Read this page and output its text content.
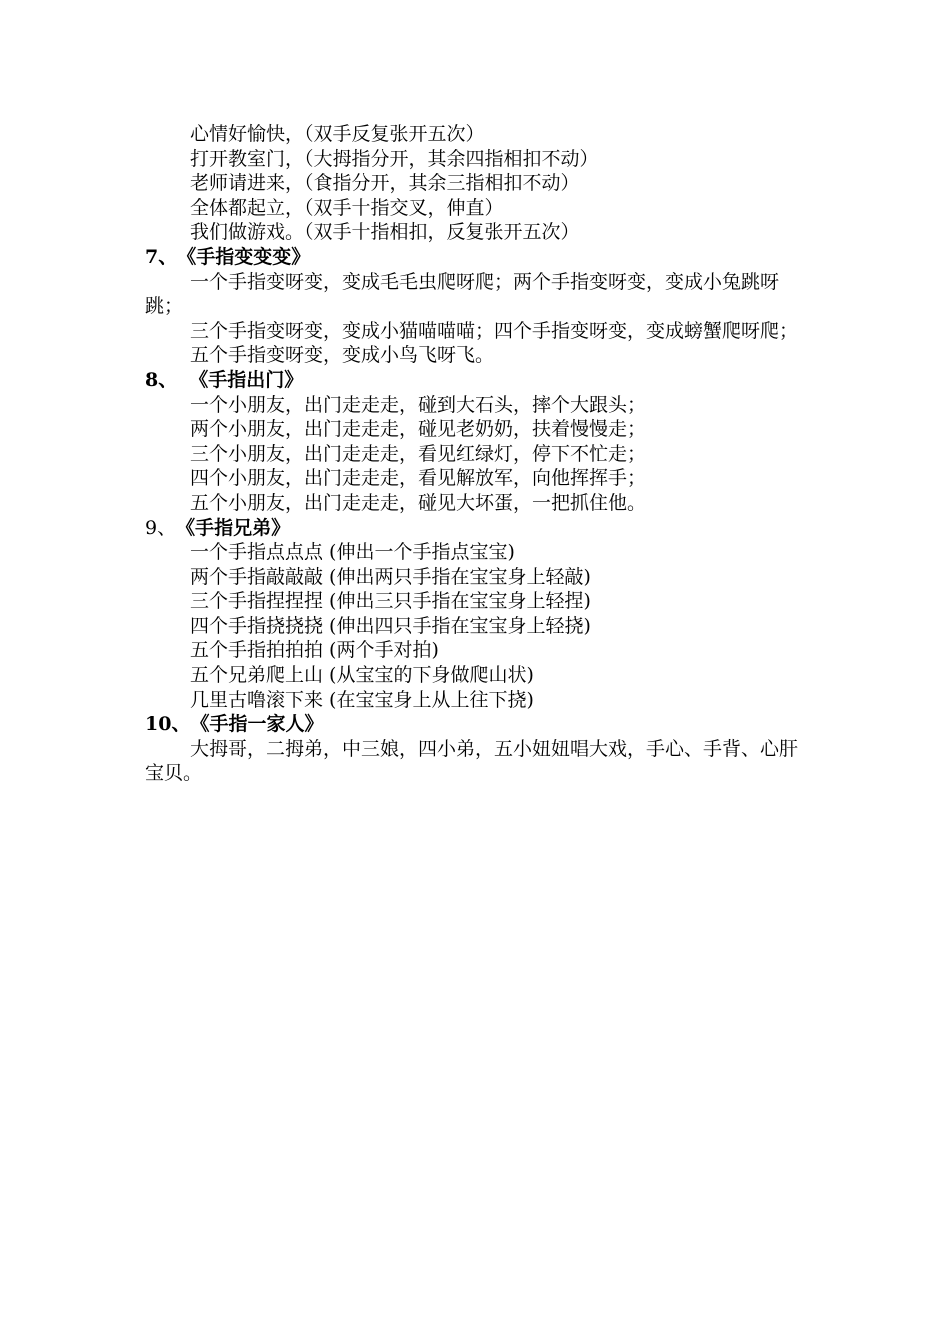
心情好愉快，（双手反复张开五次）
打开教室门，（大拇指分开，其余四指相扣不动）
老师请进来，（食指分开，其余三指相扣不动）
全体都起立，（双手十指交叉，伸直）
我们做游戏。（双手十指相扣，反复张开五次）
7、《手指变变变》
一个手指变呀变，变成毛毛虫爬呀爬；两个手指变呀变，变成小兔跳呀跳；
三个手指变呀变，变成小猫喵喵喵；四个手指变呀变，变成螃蟹爬呀爬；
五个手指变呀变，变成小鸟飞呀飞。
8、 《手指出门》
一个小朋友，出门走走走，碰到大石头，摔个大跟头；
两个小朋友，出门走走走，碰见老奶奶，扶着慢慢走；
三个小朋友，出门走走走，看见红绿灯，停下不忙走；
四个小朋友，出门走走走，看见解放军，向他挥挥手；
五个小朋友，出门走走走，碰见大坏蛋，一把抓住他。
9、《手指兄弟》
一个手指点点点 (伸出一个手指点宝宝)
两个手指敲敲敲 (伸出两只手指在宝宝身上轻敲)
三个手指捏捏捏 (伸出三只手指在宝宝身上轻捏)
四个手指挠挠挠 (伸出四只手指在宝宝身上轻挠)
五个手指拍拍拍 (两个手对拍)
五个兄弟爬上山 (从宝宝的下身做爬山状)
几里古噜滚下来 (在宝宝身上从上往下挠)
10、《手指一家人》
大拇哥，二拇弟，中三娘，四小弟，五小妞妞唱大戏，手心、手背、心肝宝贝。
